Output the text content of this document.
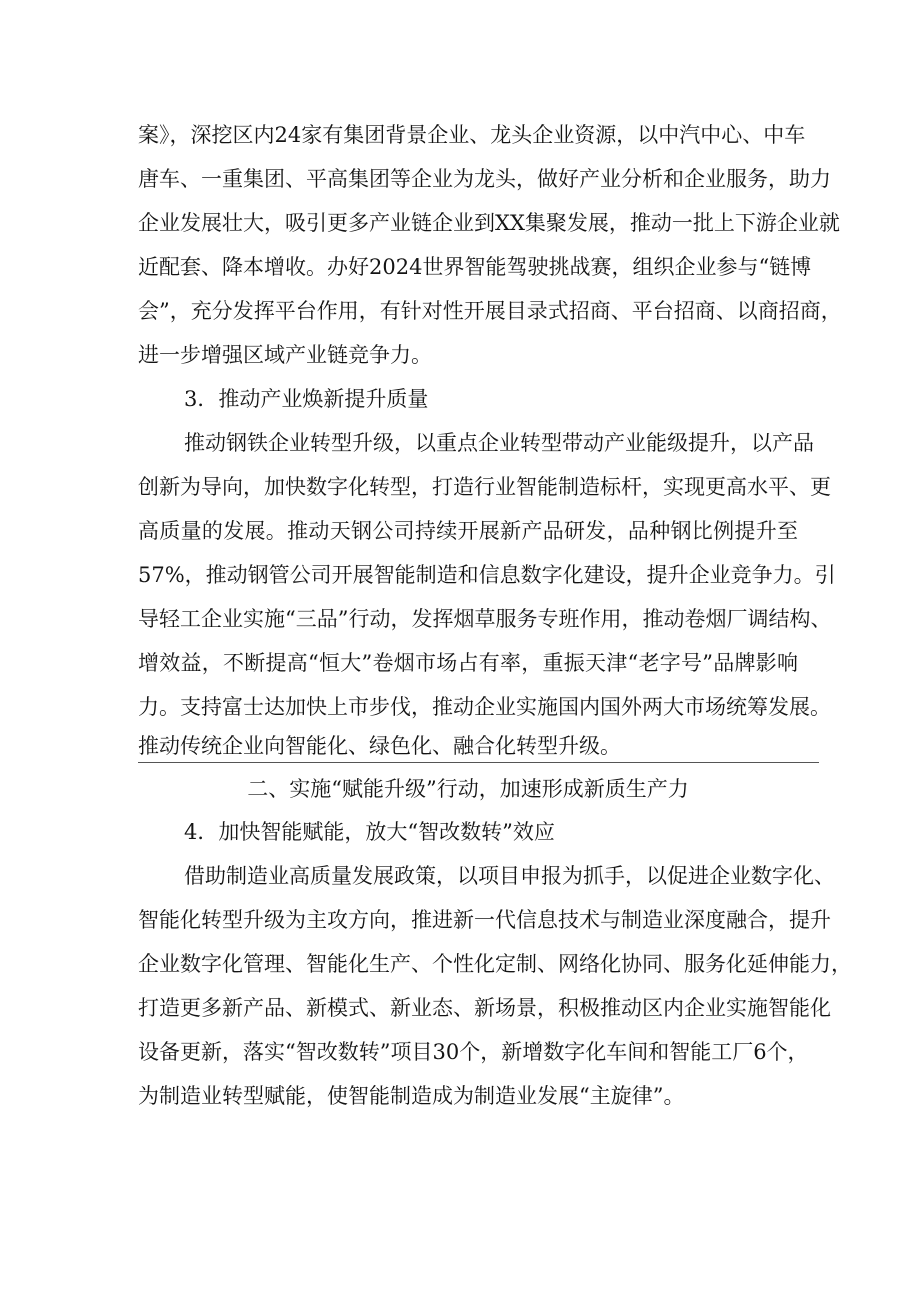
案》，深挖区内24家有集团背景企业、龙头企业资源，以中汽中心、中车
唐车、一重集团、平高集团等企业为龙头，做好产业分析和企业服务，助力
企业发展壮大，吸引更多产业链企业到XX集聚发展，推动一批上下游企业就
近配套、降本增收。办好2024世界智能驾驶挑战赛，组织企业参与“链博
会”，充分发挥平台作用，有针对性开展目录式招商、平台招商、以商招商，
进一步增强区域产业链竞争力。
3．推动产业焕新提升质量
推动钢铁企业转型升级，以重点企业转型带动产业能级提升，以产品
创新为导向，加快数字化转型，打造行业智能制造标杆，实现更高水平、更
高质量的发展。推动天钢公司持续开展新产品研发，品种钢比例提升至
57%，推动钢管公司开展智能制造和信息数字化建设，提升企业竞争力。引
导轻工企业实施“三品”行动，发挥烟草服务专班作用，推动卷烟厂调结构、
增效益，不断提高“恒大”卷烟市场占有率，重振天津“老字号”品牌影响
力。支持富士达加快上市步伐，推动企业实施国内国外两大市场统筹发展。
推动传统企业向智能化、绿色化、融合化转型升级。
二、实施“赋能升级”行动，加速形成新质生产力
4．加快智能赋能，放大“智改数转”效应
借助制造业高质量发展政策，以项目申报为抓手，以促进企业数字化、
智能化转型升级为主攻方向，推进新一代信息技术与制造业深度融合，提升
企业数字化管理、智能化生产、个性化定制、网络化协同、服务化延伸能力，
打造更多新产品、新模式、新业态、新场景，积极推动区内企业实施智能化
设备更新，落实“智改数转”项目30个，新增数字化车间和智能工厂6个，
为制造业转型赋能，使智能制造成为制造业发展“主旋律”。
